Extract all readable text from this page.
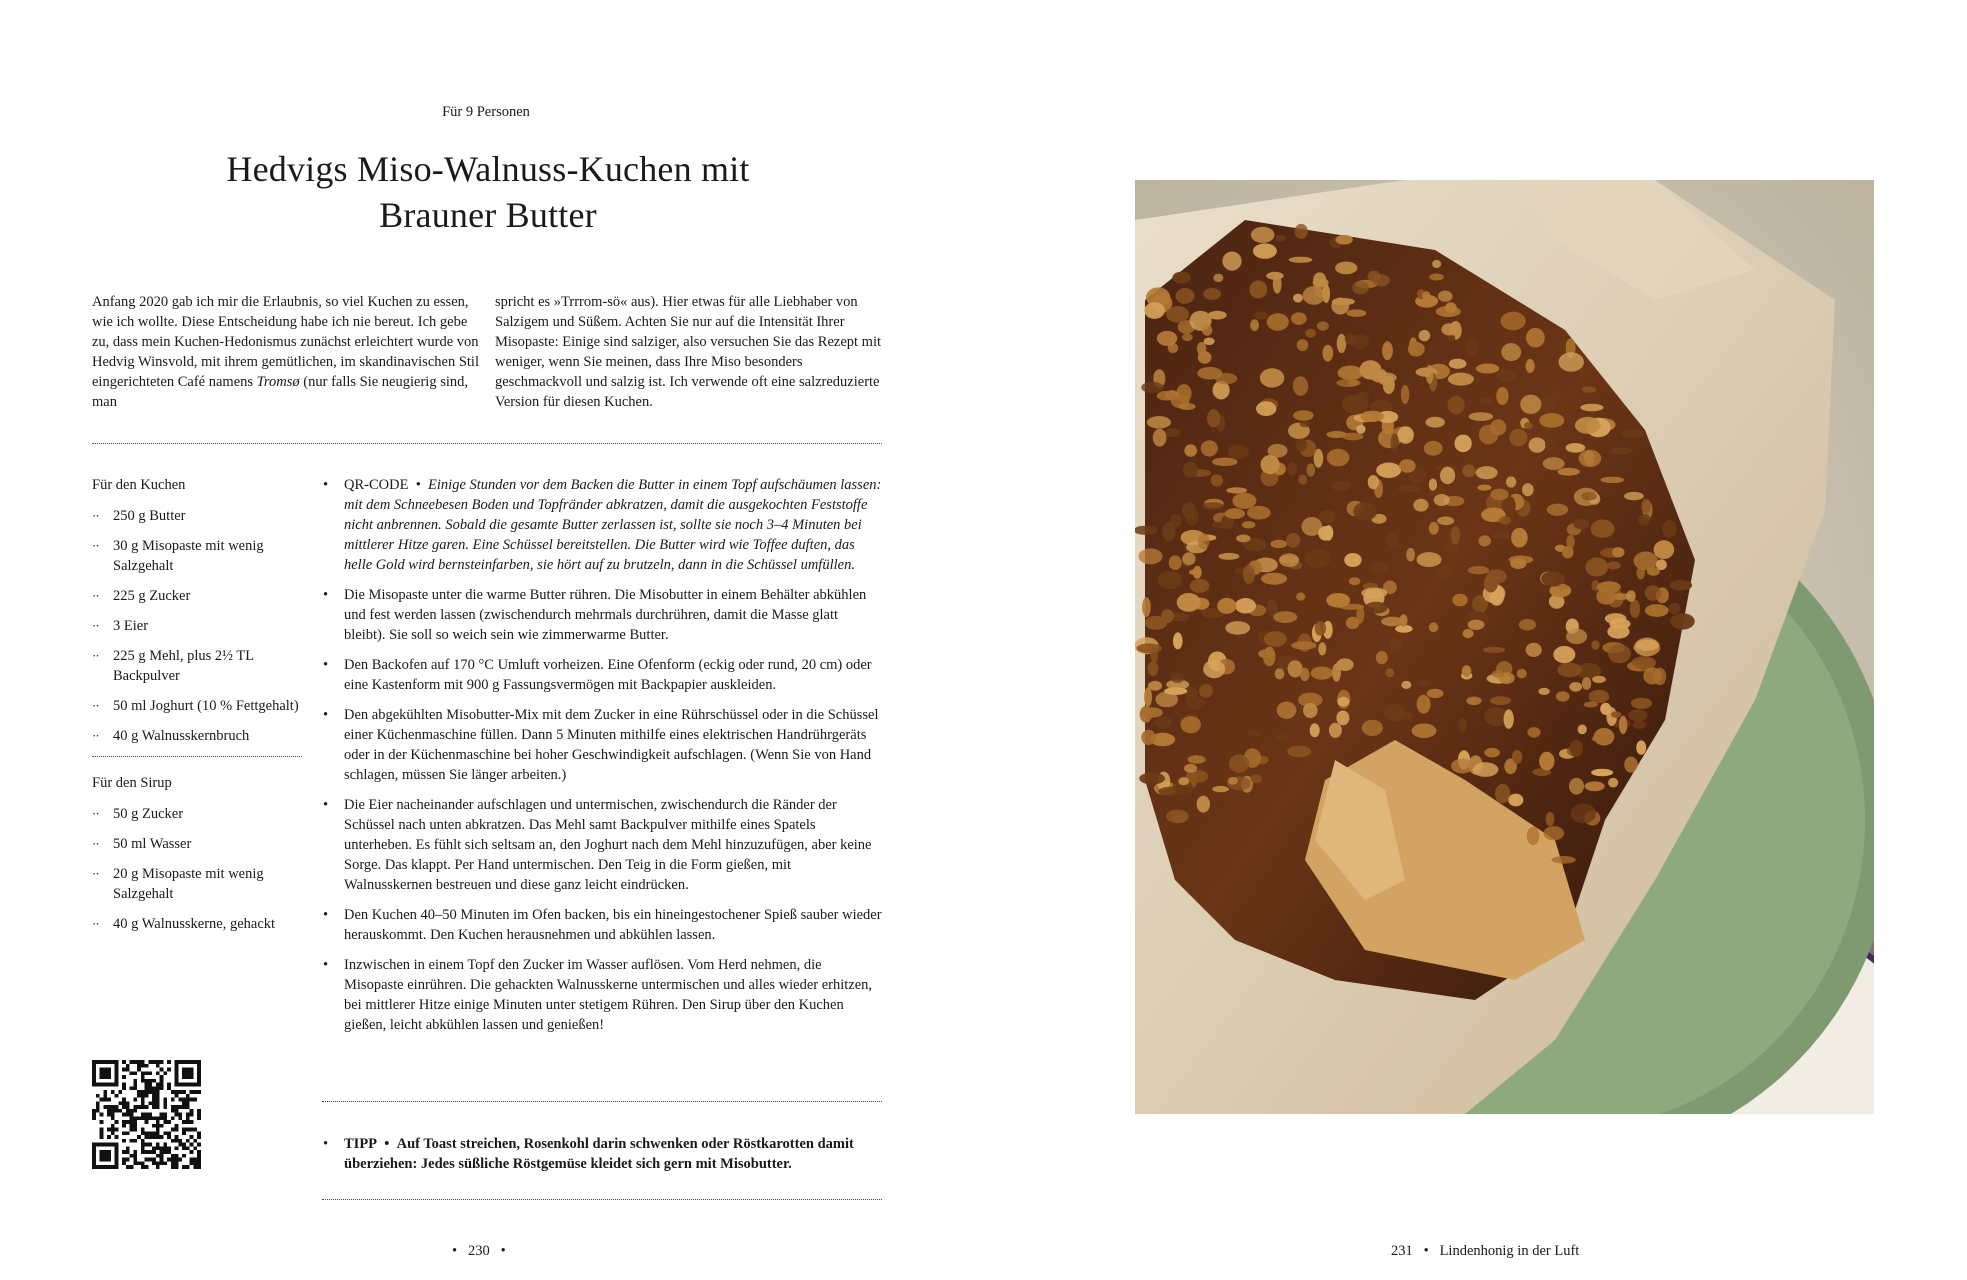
Für 9 Personen
Hedvigs Miso-Walnuss-Kuchen mit
Brauner Butter

Anfang 2020 gab ich mir die Erlaubnis, so viel Kuchen zu essen, wie ich wollte. Diese Entscheidung habe ich nie bereut. Ich gebe zu, dass mein Kuchen-Hedonismus zunächst erleichtert wurde von Hedvig Winsvold, mit ihrem gemütlichen, im skandinavischen Stil eingerichteten Café namens Tromsø (nur falls Sie neugierig sind, man

spricht es »Trrrom-sö« aus). Hier etwas für alle Liebhaber von Salzigem und Süßem. Achten Sie nur auf die Intensität Ihrer Misopaste: Einige sind salziger, also versuchen Sie das Rezept mit weniger, wenn Sie meinen, dass Ihre Miso besonders geschmackvoll und salzig ist. Ich verwende oft eine salzreduzierte Version für diesen Kuchen.

Für den Kuchen
·· 250 g Butter
·· 30 g Misopaste mit wenig Salzgehalt
·· 225 g Zucker
·· 3 Eier
·· 225 g Mehl, plus 2½ TL Backpulver
·· 50 ml Joghurt (10 % Fettgehalt)
·· 40 g Walnusskernbruch
Für den Sirup
·· 50 g Zucker
·· 50 ml Wasser
·· 20 g Misopaste mit wenig Salzgehalt
·· 40 g Walnusskerne, gehackt
• QR-CODE • Einige Stunden vor dem Backen die Butter in einem Topf aufschäumen lassen: mit dem Schneebesen Boden und Topfränder abkratzen, damit die ausgekochten Feststoffe nicht anbrennen. Sobald die gesamte Butter zerlassen ist, sollte sie noch 3–4 Minuten bei mittlerer Hitze garen. Eine Schüssel bereitstellen. Die Butter wird wie Toffee duften, das helle Gold wird bernsteinfarben, sie hört auf zu brutzeln, dann in die Schüssel umfüllen.
• Die Misopaste unter die warme Butter rühren. Die Misobutter in einem Behälter abkühlen und fest werden lassen (zwischendurch mehrmals durchrühren, damit die Masse glatt bleibt). Sie soll so weich sein wie zimmerwarme Butter.
• Den Backofen auf 170 °C Umluft vorheizen. Eine Ofenform (eckig oder rund, 20 cm) oder eine Kastenform mit 900 g Fassungsvermögen mit Backpapier auskleiden.
• Den abgekühlten Misobutter-Mix mit dem Zucker in eine Rührschüssel oder in die Schüssel einer Küchenmaschine füllen. Dann 5 Minuten mithilfe eines elektrischen Handrührgeräts oder in der Küchenmaschine bei hoher Geschwindigkeit aufschlagen. (Wenn Sie von Hand schlagen, müssen Sie länger arbeiten.)
• Die Eier nacheinander aufschlagen und untermischen, zwischendurch die Ränder der Schüssel nach unten abkratzen. Das Mehl samt Backpulver mithilfe eines Spatels unterheben. Es fühlt sich seltsam an, den Joghurt nach dem Mehl hinzuzufügen, aber keine Sorge. Das klappt. Per Hand untermischen. Den Teig in die Form gießen, mit Walnusskernen bestreuen und diese ganz leicht eindrücken.
• Den Kuchen 40–50 Minuten im Ofen backen, bis ein hineingestochener Spieß sauber wieder herauskommt. Den Kuchen herausnehmen und abkühlen lassen.
• Inzwischen in einem Topf den Zucker im Wasser auflösen. Vom Herd nehmen, die Misopaste einrühren. Die gehackten Walnusskerne untermischen und alles wieder erhitzen, bei mittlerer Hitze einige Minuten unter stetigem Rühren. Den Sirup über den Kuchen gießen, leicht abkühlen lassen und genießen!
•	TIPP • Auf Toast streichen, Rosenkohl darin schwenken oder Röstkarotten damit überziehen: Jedes süßliche Röstgemüse kleidet sich gern mit Misobutter.
• 230 •	231 • Lindenhonig in der Luft
